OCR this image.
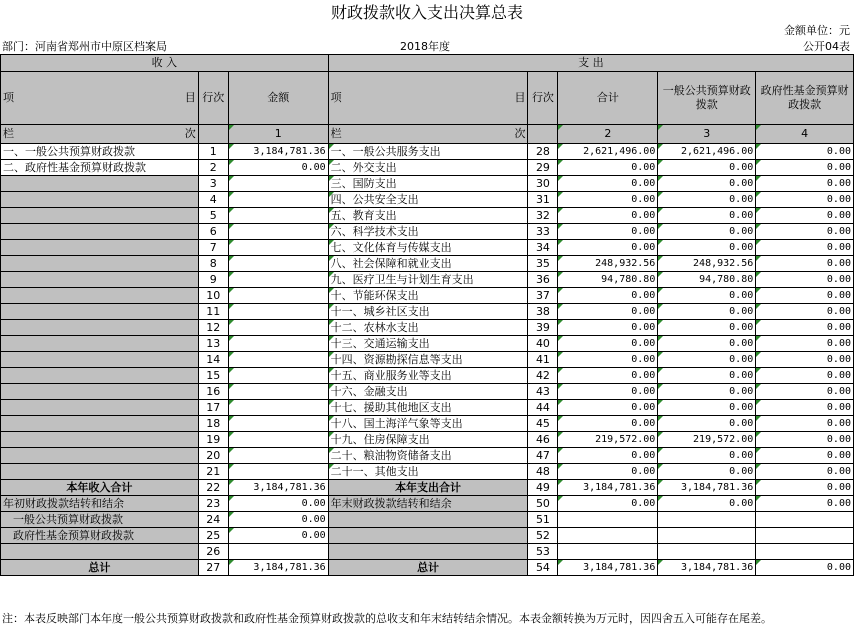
财政拨款收入支出决算总表
金额单位：元
部门：河南省郑州市中原区档案局	2018年度	公开04表
收 入			支 出				

项 目	行次	金额	项 目	行次	合计	一般公共预算财政拨款	政府性基金预算财政拨款

栏 次		1	栏 次		2	3	4
一、一般公共预算财政拨款	1	3,184,781.36	一、一般公共服务支出	28	2,621,496.00	2,621,496.00	0.00
二、政府性基金预算财政拨款	2	0.00	二、外交支出	29	0.00	0.00	0.00
	3		三、国防支出	30	0.00	0.00	0.00
	4		四、公共安全支出	31	0.00	0.00	0.00
	5		五、教育支出	32	0.00	0.00	0.00
	6		六、科学技术支出	33	0.00	0.00	0.00
	7		七、文化体育与传媒支出	34	0.00	0.00	0.00
	8		八、社会保障和就业支出	35	248,932.56	248,932.56	0.00
	9		九、医疗卫生与计划生育支出	36	94,780.80	94,780.80	0.00
	10		十、节能环保支出	37	0.00	0.00	0.00
	11		十一、城乡社区支出	38	0.00	0.00	0.00
	12		十二、农林水支出	39	0.00	0.00	0.00
	13		十三、交通运输支出	40	0.00	0.00	0.00
	14		十四、资源勘探信息等支出	41	0.00	0.00	0.00
	15		十五、商业服务业等支出	42	0.00	0.00	0.00
	16		十六、金融支出	43	0.00	0.00	0.00
	17		十七、援助其他地区支出	44	0.00	0.00	0.00
	18		十八、国土海洋气象等支出	45	0.00	0.00	0.00
	19		十九、住房保障支出	46	219,572.00	219,572.00	0.00
	20		二十、粮油物资储备支出	47	0.00	0.00	0.00
	21		二十一、其他支出	48	0.00	0.00	0.00
本年收入合计	22	3,184,781.36	本年支出合计	49	3,184,781.36	3,184,781.36	0.00
年初财政拨款结转和结余	23	0.00	年末财政拨款结转和结余	50	0.00	0.00	0.00
一般公共预算财政拨款	24	0.00		51			
政府性基金预算财政拨款	25	0.00		52			
	26			53			
总计	27	3,184,781.36	总计	54	3,184,781.36	3,184,781.36	0.00
注：本表反映部门本年度一般公共预算财政拨款和政府性基金预算财政拨款的总收支和年末结转结余情况。本表金额转换为万元时，因四舍五入可能存在尾差。
